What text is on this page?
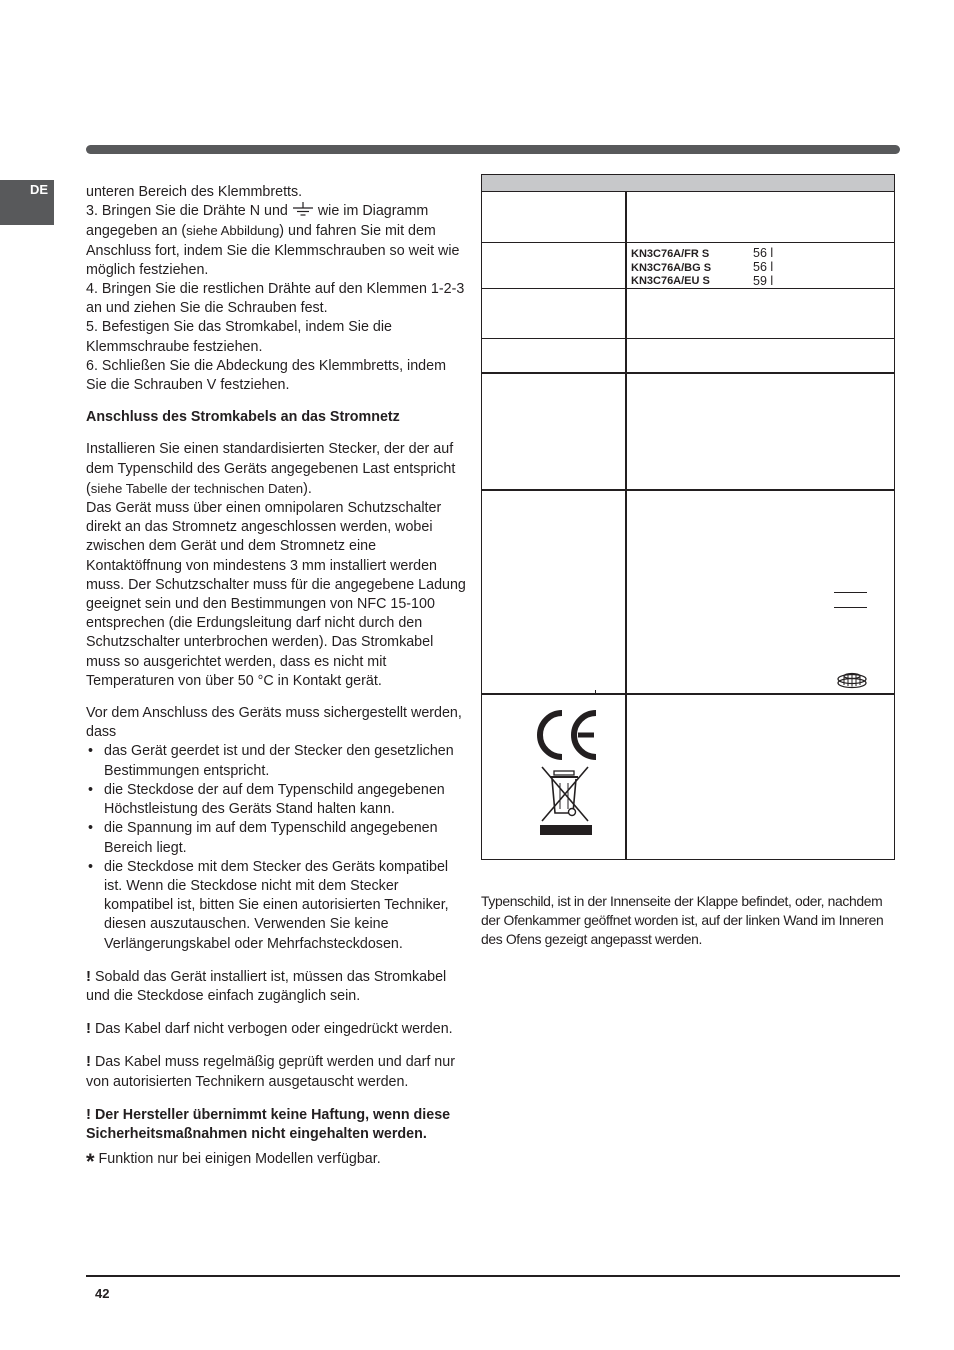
DE	unteren Bereich des Klemmbretts.

3. Bringen Sie die Drähte N und wie im Diagramm angegeben an (siehe Abbildung) und fahren Sie mit dem Anschluss fort, indem Sie die Klemmschrauben so weit wie möglich festziehen.

4. Bringen Sie die restlichen Drähte auf den Klemmen 1-2-3 an und ziehen Sie die Schrauben fest.

5. Befestigen Sie das Stromkabel, indem Sie die Klemmschraube festziehen.

6. Schließen Sie die Abdeckung des Klemmbretts, indem Sie die Schrauben V festziehen.

Anschluss des Stromkabels an das Stromnetz

Installieren Sie einen standardisierten Stecker, der der auf dem Typenschild des Geräts angegebenen Last entspricht (siehe Tabelle der technischen Daten).

Das Gerät muss über einen omnipolaren Schutzschalter direkt an das Stromnetz angeschlossen werden, wobei zwischen dem Gerät und dem Stromnetz eine Kontaktöffnung von mindestens 3 mm installiert werden muss. Der Schutzschalter muss für die angegebene Ladung geeignet sein und den Bestimmungen von NFC 15-100 entsprechen (die Erdungsleitung darf nicht durch den Schutzschalter unterbrochen werden). Das Stromkabel muss so ausgerichtet werden, dass es nicht mit Temperaturen von über 50 °C in Kontakt gerät.

Vor dem Anschluss des Geräts muss sichergestellt werden, dass

• das Gerät geerdet ist und der Stecker den gesetzlichen Bestimmungen entspricht.
• die Steckdose der auf dem Typenschild angegebenen Höchstleistung des Geräts Stand halten kann.
• die Spannung im auf dem Typenschild angegebenen Bereich liegt.
• die Steckdose mit dem Stecker des Geräts kompatibel ist. Wenn die Steckdose nicht mit dem Stecker kompatibel ist, bitten Sie einen autorisierten Techniker, diesen auszutauschen. Verwenden Sie keine Verlängerungskabel oder Mehrfachsteckdosen.

! Sobald das Gerät installiert ist, müssen das Stromkabel und die Steckdose einfach zugänglich sein.

! Das Kabel darf nicht verbogen oder eingedrückt werden.

! Das Kabel muss regelmäßig geprüft werden und darf nur von autorisierten Technikern ausgetauscht werden.

! Der Hersteller übernimmt keine Haftung, wenn diese Sicherheitsmaßnahmen nicht eingehalten werden.

* Funktion nur bei einigen Modellen verfügbar.

KN3C76A/FR S
KN3C76A/BG S
KN3C76A/EU S
56 l
56 l
59 l

Typenschild, ist in der Innenseite der Klappe befindet, oder, nachdem der Ofenkammer geöffnet worden ist, auf der linken Wand im Inneren des Ofens gezeigt angepasst werden.

42
